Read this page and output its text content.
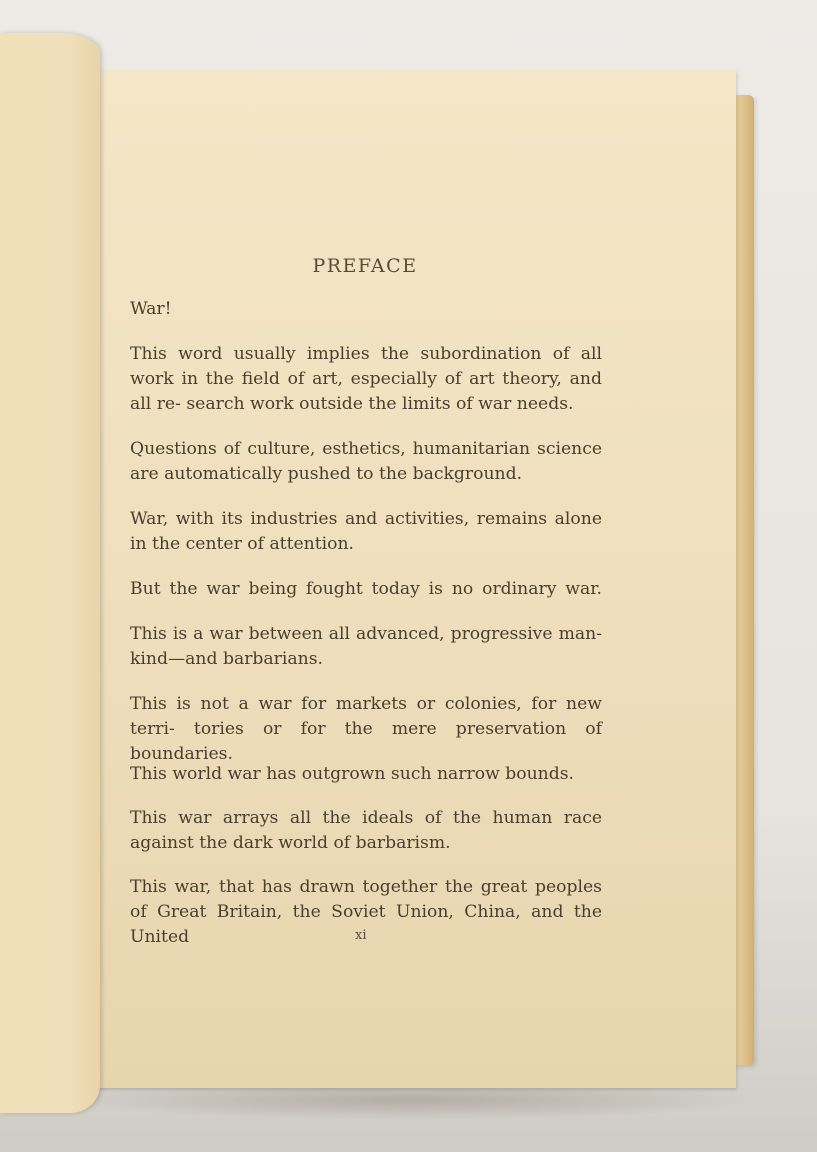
PREFACE
War!
This word usually implies the subordination of all work in the field of art, especially of art theory, and all re- search work outside the limits of war needs.
Questions of culture, esthetics, humanitarian science are automatically pushed to the background.
War, with its industries and activities, remains alone in the center of attention.
But the war being fought today is no ordinary war.
This is a war between all advanced, progressive man- kind—and barbarians.
This is not a war for markets or colonies, for new terri- tories or for the mere preservation of boundaries.
This world war has outgrown such narrow bounds.
This war arrays all the ideals of the human race against the dark world of barbarism.
This war, that has drawn together the great peoples of Great Britain, the Soviet Union, China, and the United	xi
